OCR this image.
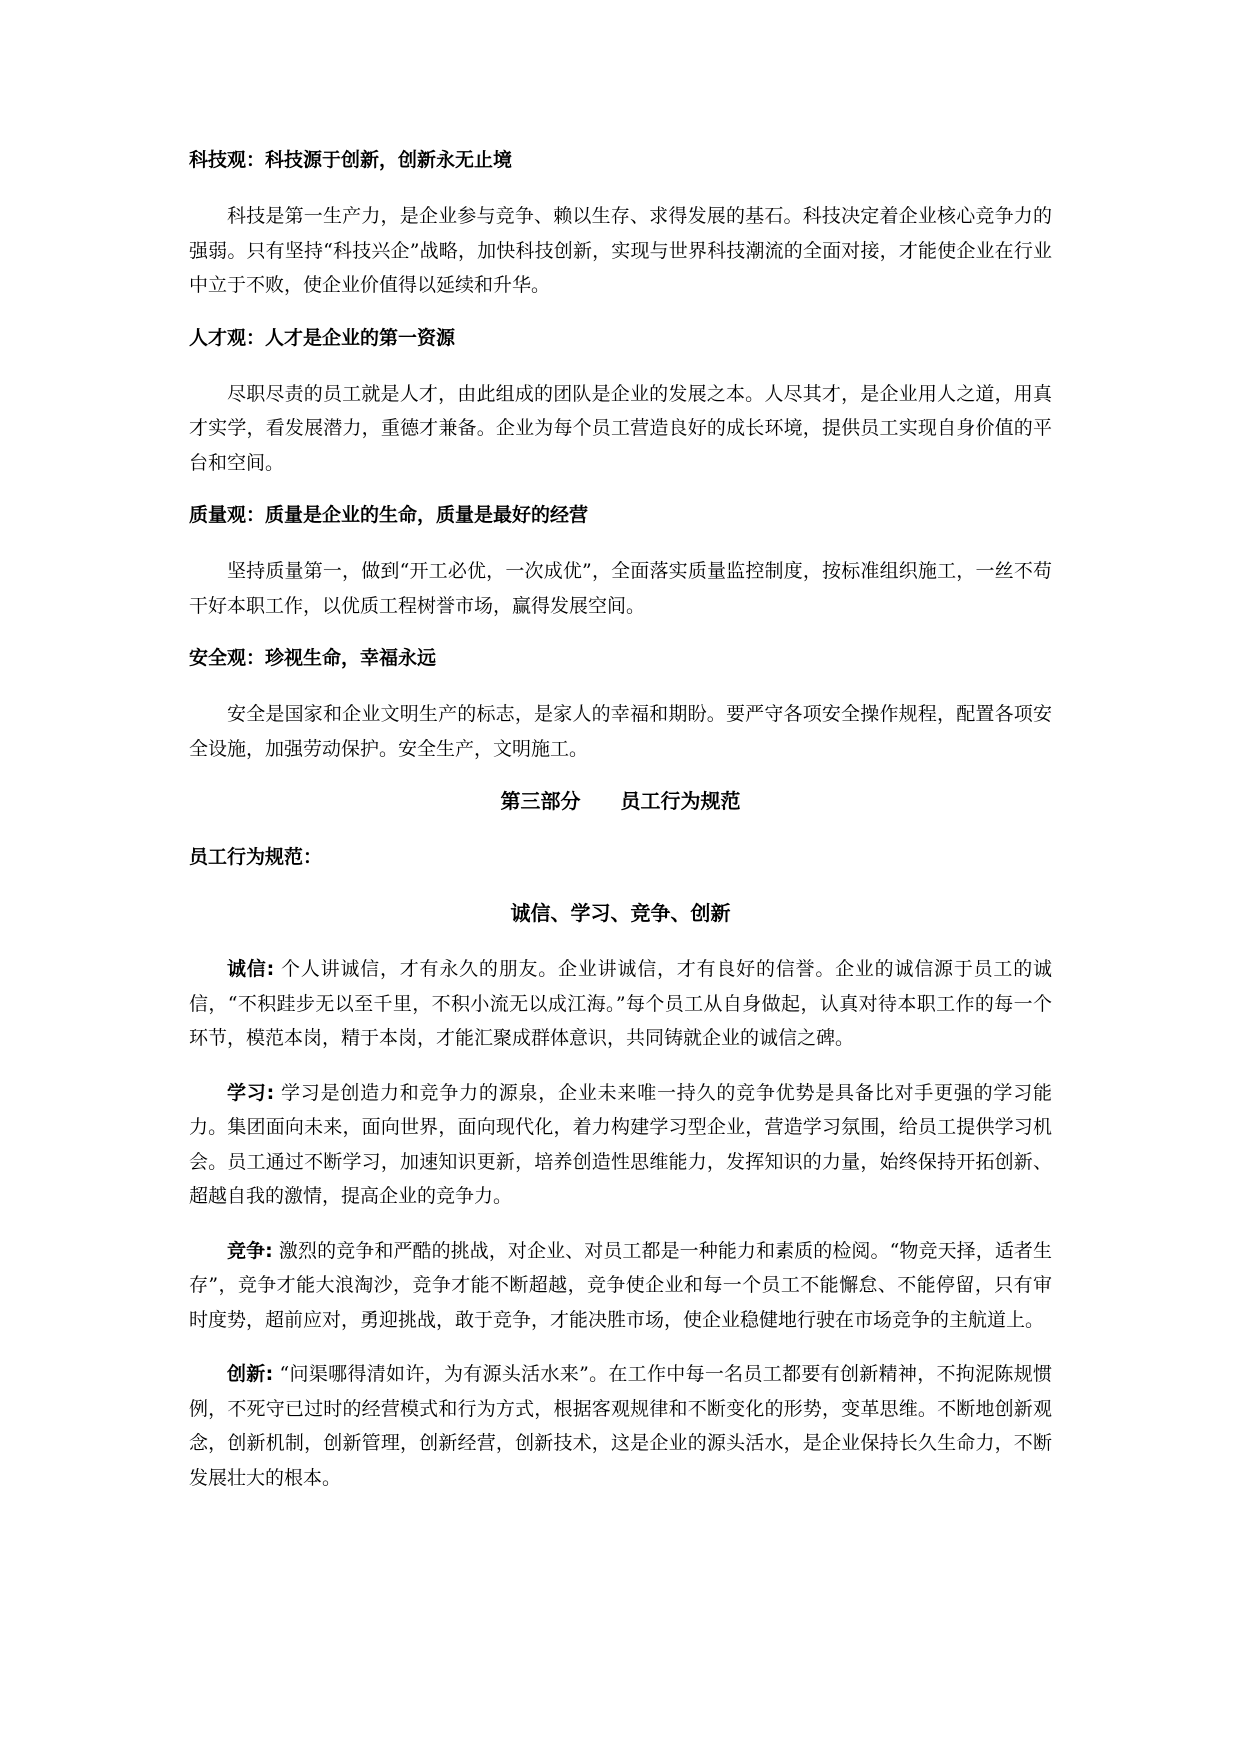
科技观：科技源于创新，创新永无止境

科技是第一生产力，是企业参与竞争、赖以生存、求得发展的基石。科技决定着企业核心竞争力的强弱。只有坚持“科技兴企”战略，加快科技创新，实现与世界科技潮流的全面对接，才能使企业在行业中立于不败，使企业价值得以延续和升华。

人才观：人才是企业的第一资源

尽职尽责的员工就是人才，由此组成的团队是企业的发展之本。人尽其才，是企业用人之道，用真才实学，看发展潜力，重德才兼备。企业为每个员工营造良好的成长环境，提供员工实现自身价值的平台和空间。

质量观：质量是企业的生命，质量是最好的经营

坚持质量第一，做到“开工必优，一次成优”，全面落实质量监控制度，按标准组织施工，一丝不苟干好本职工作，以优质工程树誉市场，赢得发展空间。

安全观：珍视生命，幸福永远

安全是国家和企业文明生产的标志，是家人的幸福和期盼。要严守各项安全操作规程，配置各项安全设施，加强劳动保护。安全生产，文明施工。

第三部分　　员工行为规范

员工行为规范：

诚信、学习、竞争、创新

诚信: 个人讲诚信，才有永久的朋友。企业讲诚信，才有良好的信誉。企业的诚信源于员工的诚信，“不积跬步无以至千里，不积小流无以成江海。”每个员工从自身做起，认真对待本职工作的每一个环节，模范本岗，精于本岗，才能汇聚成群体意识，共同铸就企业的诚信之碑。

学习: 学习是创造力和竞争力的源泉，企业未来唯一持久的竞争优势是具备比对手更强的学习能力。集团面向未来，面向世界，面向现代化，着力构建学习型企业，营造学习氛围，给员工提供学习机会。员工通过不断学习，加速知识更新，培养创造性思维能力，发挥知识的力量，始终保持开拓创新、超越自我的激情，提高企业的竞争力。

竞争: 激烈的竞争和严酷的挑战，对企业、对员工都是一种能力和素质的检阅。“物竞天择，适者生存”，竞争才能大浪淘沙，竞争才能不断超越，竞争使企业和每一个员工不能懈怠、不能停留，只有审时度势，超前应对，勇迎挑战，敢于竞争，才能决胜市场，使企业稳健地行驶在市场竞争的主航道上。

创新: “问渠哪得清如许，为有源头活水来”。在工作中每一名员工都要有创新精神，不拘泥陈规惯例，不死守已过时的经营模式和行为方式，根据客观规律和不断变化的形势，变革思维。不断地创新观念，创新机制，创新管理，创新经营，创新技术，这是企业的源头活水，是企业保持长久生命力，不断发展壮大的根本。
